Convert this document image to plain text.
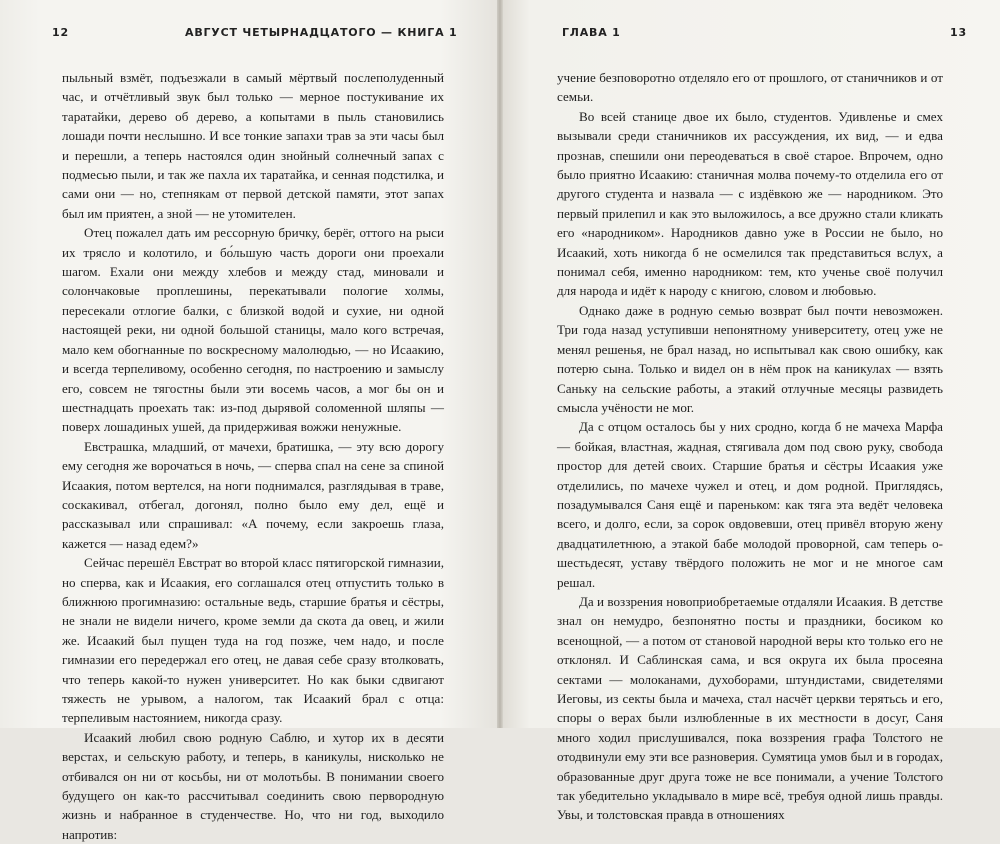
12	АВГУСТ ЧЕТЫРНАДЦАТОГО — КНИГА 1

пыльный взмёт, подъезжали в самый мёртвый послеполуденный час, и отчётливый звук был только — мерное постукивание их таратайки, дерево об дерево, а копытами в пыль становились лошади почти неслышно. И все тонкие запахи трав за эти часы был и перешли, а теперь настоялся один знойный солнечный запах с подмесью пыли, и так же пахла их таратайка, и сенная подстилка, и сами они — но, степнякам от первой детской памяти, этот запах был им приятен, а зной — не утомителен.

Отец пожалел дать им рессорную бричку, берёг, оттого на рыси их трясло и колотило, и бо́льшую часть дороги они проехали шагом. Ехали они между хлебов и между стад, миновали и солончаковые проплешины, перекатывали пологие холмы, пересекали отлогие балки, с близкой водой и сухие, ни одной настоящей реки, ни одной большой станицы, мало кого встречая, мало кем обогнанные по воскресному малолюдью, — но Исаакию, и всегда терпеливому, особенно сегодня, по настроению и замыслу его, совсем не тягостны были эти восемь часов, а мог бы он и шестнадцать проехать так: из-под дырявой соломенной шляпы — поверх лошадиных ушей, да придерживая вожжи ненужные.

Евстрашка, младший, от мачехи, братишка, — эту всю дорогу ему сегодня же ворочаться в ночь, — сперва спал на сене за спиной Исаакия, потом вертелся, на ноги поднимался, разглядывая в траве, соскакивал, отбегал, догонял, полно было ему дел, ещё и рассказывал или спрашивал: «А почему, если закроешь глаза, кажется — назад едем?»

Сейчас перешёл Евстрат во второй класс пятигорской гимназии, но сперва, как и Исаакия, его соглашался отец отпустить только в ближнюю прогимназию: остальные ведь, старшие братья и сёстры, не знали не видели ничего, кроме земли да скота да овец, и жили же. Исаакий был пущен туда на год позже, чем надо, и после гимназии его передержал его отец, не давая себе сразу втолковать, что теперь какой-то нужен университет. Но как быки сдвигают тяжесть не урывом, а налогом, так Исаакий брал с отца: терпеливым настоянием, никогда сразу.

Исаакий любил свою родную Саблю, и хутор их в десяти верстах, и сельскую работу, и теперь, в каникулы, нисколько не отбивался он ни от косьбы, ни от молотьбы. В понимании своего будущего он как-то рассчитывал соединить свою первородную жизнь и набранное в студенчестве. Но, что ни год, выходило напротив:

ГЛАВА 1	13

учение безповоротно отделяло его от прошлого, от станичников и от семьи.

Во всей станице двое их было, студентов. Удивленье и смех вызывали среди станичников их рассуждения, их вид, — и едва прознав, спешили они переодеваться в своё старое. Впрочем, одно было приятно Исаакию: станичная молва почему-то отделила его от другого студента и назвала — с издёвкою же — народником. Это первый прилепил и как это выложилось, а все дружно стали кликать его «народником». Народников давно уже в России не было, но Исаакий, хоть никогда б не осмелился так представиться вслух, а понимал себя, именно народником: тем, кто ученье своё получил для народа и идёт к народу с книгою, словом и любовью.

Однако даже в родную семью возврат был почти невозможен. Три года назад уступивши непонятному университету, отец уже не менял решенья, не брал назад, но испытывал как свою ошибку, как потерю сына. Только и видел он в нём прок на каникулах — взять Саньку на сельские работы, а этакий отлучные месяцы развидеть смысла учёности не мог.

Да с отцом осталось бы у них сродно, когда б не мачеха Марфа — бойкая, властная, жадная, стягивала дом под свою руку, свобода простор для детей своих. Старшие братья и сёстры Исаакия уже отделились, по мачехе чужел и отец, и дом родной. Приглядясь, позадумывался Саня ещё и пареньком: как тяга эта ведёт человека всего, и долго, если, за сорок овдовевши, отец привёл вторую жену двадцатилетнюю, а этакой бабе молодой проворной, сам теперь о-шестьдесят, уставу твёрдого положить не мог и не многое сам решал.

Да и воззрения новоприобретаемые отдаляли Исаакия. В детстве знал он немудро, безпонятно посты и праздники, босиком ко всенощной, — а потом от становой народной веры кто только его не отклонял. И Саблинская сама, и вся округа их была просеяна сектами — молоканами, духоборами, штундистами, свидетелями Иеговы, из секты была и мачеха, стал насчёт церкви терятьсь и его, споры о верах были излюбленные в их местности в досуг, Саня много ходил прислушивался, пока воззрения графа Толстого не отодвинули ему эти все разноверия. Сумятица умов был и в городах, образованные друг друга тоже не все понимали, а учение Толстого так убедительно укладывало в мире всё, требуя одной лишь правды. Увы, и толстовская правда в отношениях
